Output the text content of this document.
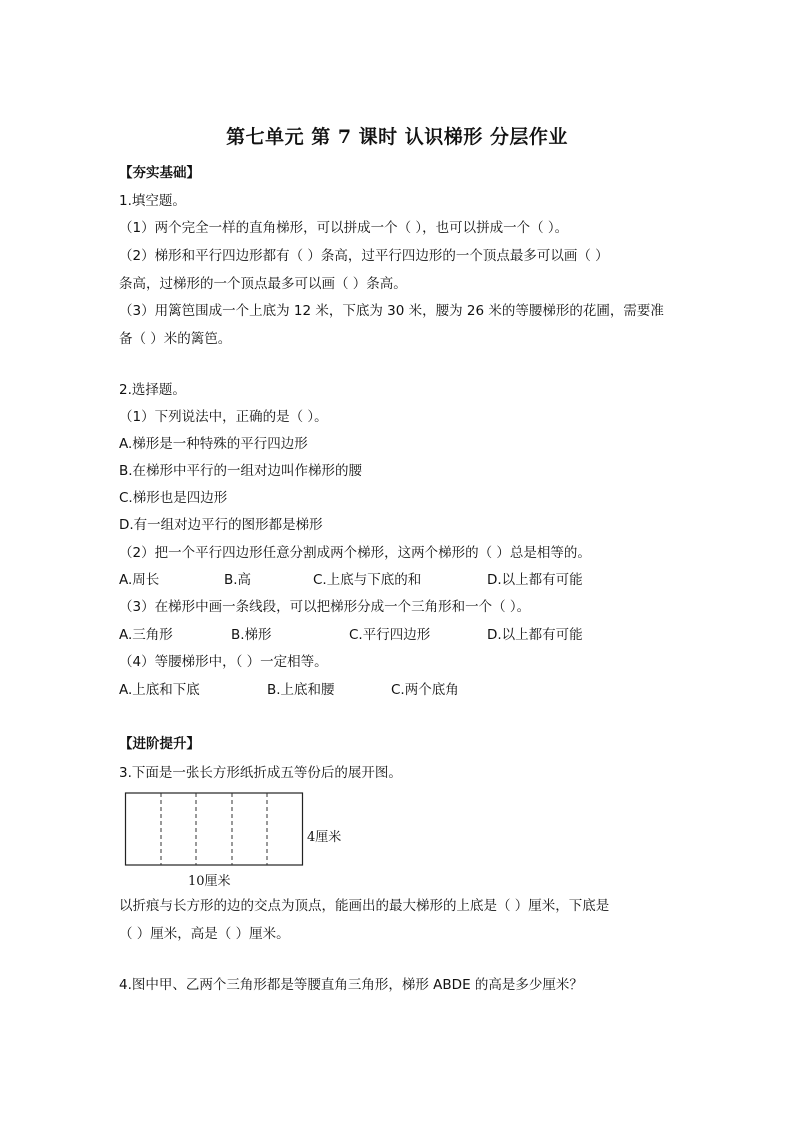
第七单元 第 7 课时 认识梯形 分层作业
【夯实基础】
1.填空题。
（1）两个完全一样的直角梯形，可以拼成一个（ ），也可以拼成一个（ ）。
（2）梯形和平行四边形都有（ ）条高，过平行四边形的一个顶点最多可以画（ ）
条高，过梯形的一个顶点最多可以画（ ）条高。
（3）用篱笆围成一个上底为 12 米，下底为 30 米，腰为 26 米的等腰梯形的花圃，需要准
备（ ）米的篱笆。
2.选择题。
（1）下列说法中，正确的是（ ）。
A.梯形是一种特殊的平行四边形
B.在梯形中平行的一组对边叫作梯形的腰
C.梯形也是四边形
D.有一组对边平行的图形都是梯形
（2）把一个平行四边形任意分割成两个梯形，这两个梯形的（ ）总是相等的。
A.周长	B.高	C.上底与下底的和	D.以上都有可能
（3）在梯形中画一条线段，可以把梯形分成一个三角形和一个（ ）。
A.三角形	B.梯形	C.平行四边形	D.以上都有可能
（4）等腰梯形中，（ ）一定相等。
A.上底和下底	B.上底和腰	C.两个底角
【进阶提升】
3.下面是一张长方形纸折成五等份后的展开图。
4厘米
10厘米
以折痕与长方形的边的交点为顶点，能画出的最大梯形的上底是（ ）厘米，下底是
（ ）厘米，高是（ ）厘米。
4.图中甲、乙两个三角形都是等腰直角三角形，梯形 ABDE 的高是多少厘米？
